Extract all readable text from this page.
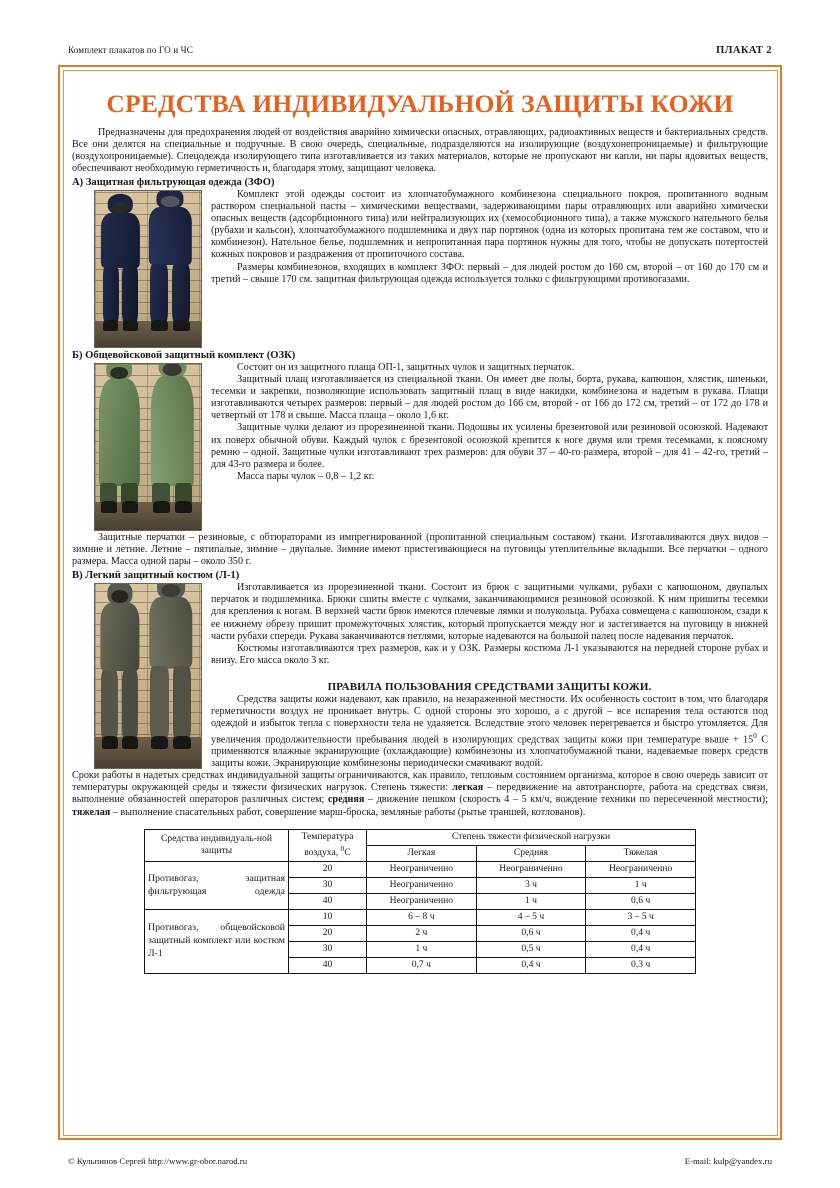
Комплект плакатов по ГО и ЧС	ПЛАКАТ 2
СРЕДСТВА ИНДИВИДУАЛЬНОЙ ЗАЩИТЫ КОЖИ

Предназначены для предохранения людей от воздействия аварийно химически опасных, отравляющих, радиоактивных веществ и бактериальных средств. Все они делятся на специальные и подручные. В свою очередь, специальные, подразделяются на изолирующие (воздухонепроницаемые) и фильтрующие (воздухопроницаемые). Спецодежда изолирующего типа изготавливается из таких материалов, которые не пропускают ни капли, ни пары ядовитых веществ, обеспечивают необходимую герметичность и, благодаря этому, защищают человека.

А) Защитная фильтрующая одежда (ЗФО)

Комплект этой одежды состоит из хлопчатобумажного комбинезона специального покроя, пропитанного водным раствором специальной пасты – химическими веществами, задерживающими пары отравляющих или аварийно химически опасных веществ (адсорбционного типа) или нейтрализующих их (хемособционного типа), а также мужского нательного белья (рубахи и кальсон), хлопчатобумажного подшлемника и двух пар портянок (одна из которых пропитана тем же составом, что и комбинезон). Нательное белье, подшлемник и непропитанная пара портянок нужны для того, чтобы не допускать потертостей кожных покровов и раздражения от пропиточного состава.

Размеры комбинезонов, входящих в комплект ЗФО: первый – для людей ростом до 160 см, второй – от 160 до 170 см и третий – свыше 170 см. защитная фильтрующая одежда используется только с фильтрующими противогазами.

Б) Общевойсковой защитный комплект (ОЗК)

Состоит он из защитного плаща ОП-1, защитных чулок и защитных перчаток.

Защитный плащ изготавливается из специальной ткани. Он имеет две полы, борта, рукава, капюшон, хлястик, шпеньки, тесемки и закрепки, позволяющие использовать защитный плащ в виде накидки, комбинезона и надетым в рукава. Плащи изготавливаются четырех размеров: первый – для людей ростом до 166 см, второй - от 166 до 172 см, третий – от 172 до 178 и четвертый от 178 и свыше. Масса плаща – около 1,6 кг.

Защитные чулки делают из прорезиненной ткани. Подошвы их усилены брезентовой или резиновой осоюзкой. Надевают их поверх обычной обуви. Каждый чулок с брезентовой осоюзкой крепится к ноге двумя или тремя тесемками, к поясному ремню – одной. Защитные чулки изготавливают трех размеров: для обуви 37 – 40-го размера, второй – для 41 – 42-го, третий – для 43-го размера и более.

Масса пары чулок – 0,8 – 1,2 кг.

Защитные перчатки – резиновые, с обтюраторами из импрегнированной (пропитанной специальным составом) ткани. Изготавливаются двух видов – зимние и летние. Летние – пятипалые, зимние – двупалые. Зимние имеют пристегивающиеся на пуговицы утеплительные вкладыши. Все перчатки – одного размера. Масса одной пары – около 350 г.

В) Легкий защитный костюм (Л-1)

Изготавливается из прорезиненной ткани. Состоит из брюк с защитными чулками, рубахи с капюшоном, двупалых перчаток и подшлемника. Брюки сшиты вместе с чулками, заканчивающимися резиновой осоюзкой. К ним пришиты тесемки для крепления к ногам. В верхней части брюк имеются плечевые лямки и полукольца. Рубаха совмещена с капюшоном, сзади к ее нижнему обрезу пришит промежуточных хлястик, который пропускается между ног и застегивается на пуговицу в нижней части рубахи спереди. Рукава заканчиваются петлями, которые надеваются на большой палец после надевания перчаток.

Костюмы изготавливаются трех размеров, как и у ОЗК. Размеры костюма Л-1 указываются на передней стороне рубах и внизу. Его масса около 3 кг.

ПРАВИЛА ПОЛЬЗОВАНИЯ СРЕДСТВАМИ ЗАЩИТЫ КОЖИ.

Средства защиты кожи надевают, как правило, на незараженной местности. Их особенность состоит в том, что благодаря герметичности воздух не проникает внутрь. С одной стороны это хорошо, а с другой – все испарения тела остаются под одеждой и избыток тепла с поверхности тела не удаляется. Вследствие этого человек перегревается и быстро утомляется. Для увеличения продолжительности пребывания людей в изолирующих средствах защиты кожи при температуре выше + $15^0$ С применяются влажные экранирующие (охлаждающие) комбинезоны из хлопчатобумажной ткани, надеваемые поверх средств защиты кожи. Экранирующие комбинезоны периодически смачивают водой.

Сроки работы в надетых средствах индивидуальной защиты ограничиваются, как правило, тепловым состоянием организма, которое в свою очередь зависит от температуры окружающей среды и тяжести физических нагрузок. Степень тяжести: легкая – передвижение на автотранспорте, работа на средствах связи, выполнение обязанностей операторов различных систем; средняя – движение пешком (скорость 4 – 5 км/ч, вождение техники по пересеченной местности); тяжелая – выполнение спасательных работ, совершение марш-броска, земляные работы (рытье траншей, котлованов).

Средства индивидуаль-ной защиты	Температура
воздуха, $^0$С	Степень тяжести физической нагрузки		
		Легкая	Средняя	Тяжелая
Противогаз, защитная фильтрующая одежда	20	Неограниченно	Неограниченно	Неограниченно
	30	Неограниченно	3 ч	1 ч
	40	Неограниченно	1 ч	0,6 ч
Противогаз, общевойсковой защитный комплект или костюм Л-1	10	6 – 8 ч	4 – 5 ч	3 – 5 ч
	20	2 ч	0,6 ч	0,4 ч
	30	1 ч	0,5 ч	0,4 ч
	40	0,7 ч	0,4 ч	0,3 ч
© Кульпинов Сергей http://www.gr-obor.narod.ru	E-mail: kulp@yandex.ru
